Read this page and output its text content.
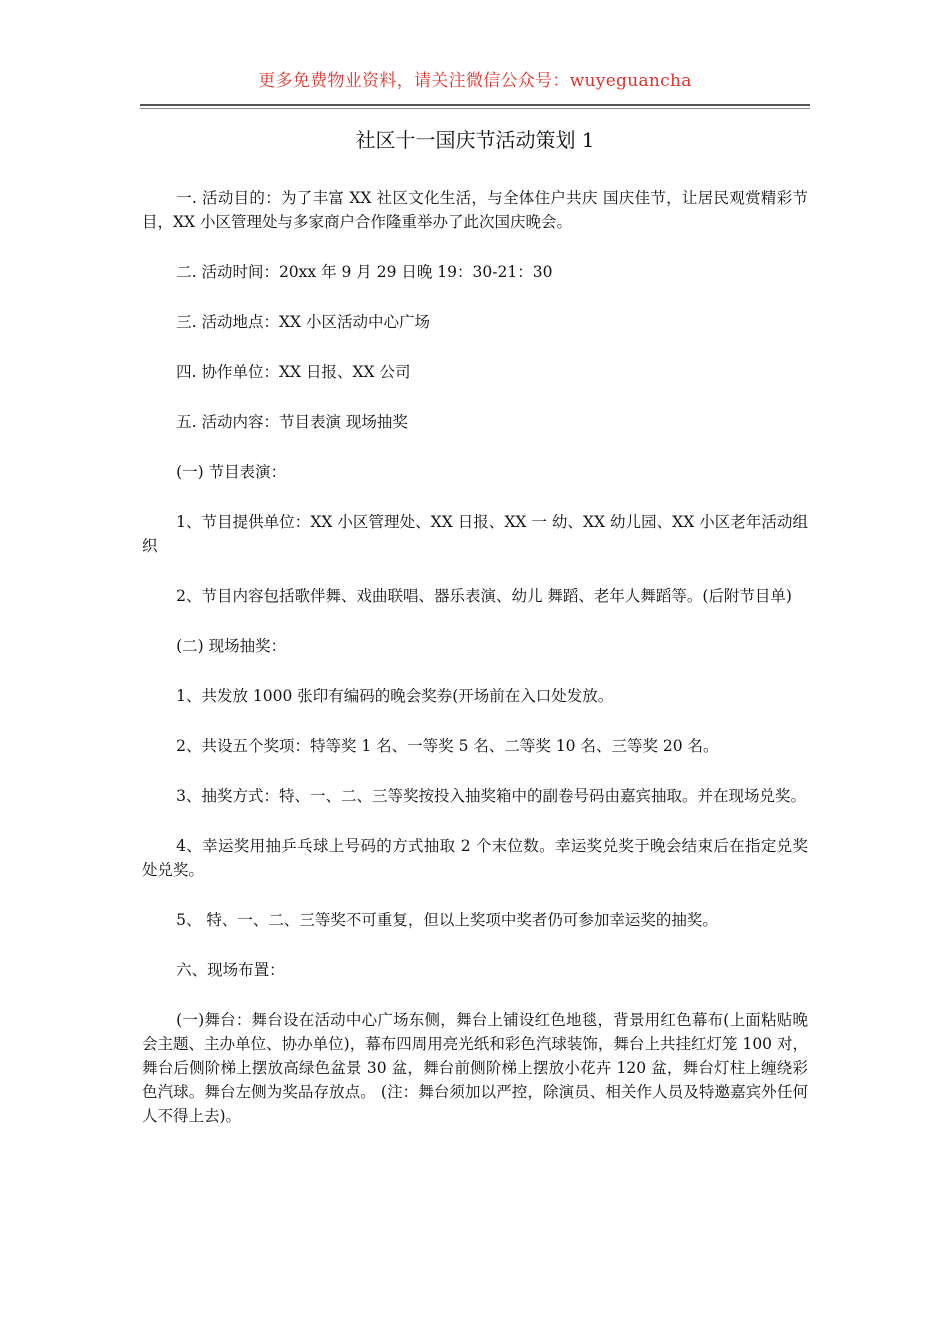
更多免费物业资料，请关注微信公众号：wuyeguancha
社区十一国庆节活动策划 1

一. 活动目的：为了丰富 XX 社区文化生活，与全体住户共庆 国庆佳节，让居民观赏精彩节目，XX 小区管理处与多家商户合作隆重举办了此次国庆晚会。

二. 活动时间：20xx 年 9 月 29 日晚 19：30-21：30

三. 活动地点：XX 小区活动中心广场

四. 协作单位：XX 日报、XX 公司

五. 活动内容：节目表演 现场抽奖

(一) 节目表演：

1、节目提供单位：XX 小区管理处、XX 日报、XX 一 幼、XX 幼儿园、XX 小区老年活动组织

2、节目内容包括歌伴舞、戏曲联唱、器乐表演、幼儿 舞蹈、老年人舞蹈等。(后附节目单)

(二) 现场抽奖：

1、共发放 1000 张印有编码的晚会奖券(开场前在入口处发放。

2、共设五个奖项：特等奖 1 名、一等奖 5 名、二等奖 10 名、三等奖 20 名。

3、抽奖方式：特、一、二、三等奖按投入抽奖箱中的副卷号码由嘉宾抽取。并在现场兑奖。

4、幸运奖用抽乒乓球上号码的方式抽取 2 个末位数。幸运奖兑奖于晚会结束后在指定兑奖处兑奖。

5、 特、一、二、三等奖不可重复，但以上奖项中奖者仍可参加幸运奖的抽奖。

六、现场布置：

(一)舞台：舞台设在活动中心广场东侧，舞台上铺设红色地毯，背景用红色幕布(上面粘贴晚会主题、主办单位、协办单位)，幕布四周用亮光纸和彩色汽球装饰，舞台上共挂红灯笼 100 对，舞台后侧阶梯上摆放高绿色盆景 30 盆，舞台前侧阶梯上摆放小花卉 120 盆，舞台灯柱上缠绕彩色汽球。舞台左侧为奖品存放点。 (注：舞台须加以严控，除演员、相关作人员及特邀嘉宾外任何人不得上去)。
